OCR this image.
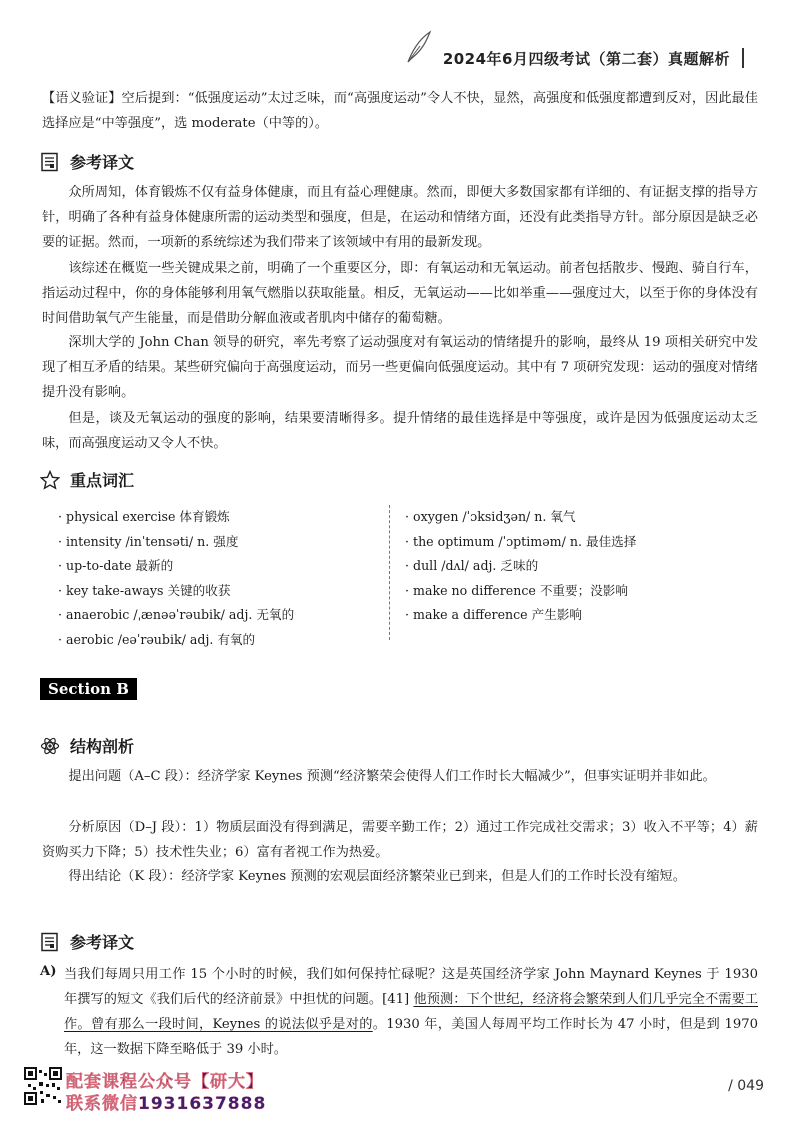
2024年6月四级考试（第二套）真题解析

【语义验证】空后提到：“低强度运动”太过乏味，而“高强度运动”令人不快，显然，高强度和低强度都遭到反对，因此最佳选择应是“中等强度”，选 moderate（中等的）。

参考译文

众所周知，体育锻炼不仅有益身体健康，而且有益心理健康。然而，即便大多数国家都有详细的、有证据支撑的指导方针，明确了各种有益身体健康所需的运动类型和强度，但是，在运动和情绪方面，还没有此类指导方针。部分原因是缺乏必要的证据。然而，一项新的系统综述为我们带来了该领域中有用的最新发现。

该综述在概览一些关键成果之前，明确了一个重要区分，即：有氧运动和无氧运动。前者包括散步、慢跑、骑自行车，指运动过程中，你的身体能够利用氧气燃脂以获取能量。相反，无氧运动——比如举重——强度过大，以至于你的身体没有时间借助氧气产生能量，而是借助分解血液或者肌肉中储存的葡萄糖。

深圳大学的 John Chan 领导的研究，率先考察了运动强度对有氧运动的情绪提升的影响，最终从 19 项相关研究中发现了相互矛盾的结果。某些研究偏向于高强度运动，而另一些更偏向低强度运动。其中有 7 项研究发现：运动的强度对情绪提升没有影响。

但是，谈及无氧运动的强度的影响，结果要清晰得多。提升情绪的最佳选择是中等强度，或许是因为低强度运动太乏味，而高强度运动又令人不快。

重点词汇
· physical exercise 体育锻炼
· intensity /inˈtensəti/ n. 强度
· up-to-date 最新的
· key take-aways 关键的收获
· anaerobic /ˌænəəˈrəubik/ adj. 无氧的
· aerobic /eəˈrəubik/ adj. 有氧的
· oxygen /ˈɔksidʒən/ n. 氧气
· the optimum /ˈɔptiməm/ n. 最佳选择
· dull /dʌl/ adj. 乏味的
· make no difference 不重要；没影响
· make a difference 产生影响
Section B
结构剖析

提出问题（A–C 段）：经济学家 Keynes 预测“经济繁荣会使得人们工作时长大幅减少”，但事实证明并非如此。

分析原因（D–J 段）：1）物质层面没有得到满足，需要辛勤工作；2）通过工作完成社交需求；3）收入不平等；4）薪资购买力下降；5）技术性失业；6）富有者视工作为热爱。

得出结论（K 段）：经济学家 Keynes 预测的宏观层面经济繁荣业已到来，但是人们的工作时长没有缩短。

参考译文
A) 当我们每周只用工作 15 个小时的时候，我们如何保持忙碌呢？这是英国经济学家 John Maynard Keynes 于 1930 年撰写的短文《我们后代的经济前景》中担忧的问题。[41] 他预测：下个世纪，经济将会繁荣到人们几乎完全不需要工作。曾有那么一段时间，Keynes 的说法似乎是对的。1930 年，美国人每周平均工作时长为 47 小时，但是到 1970 年，这一数据下降至略低于 39 小时。

配套课程公众号【研大】
联系微信1931637888
/ 049
